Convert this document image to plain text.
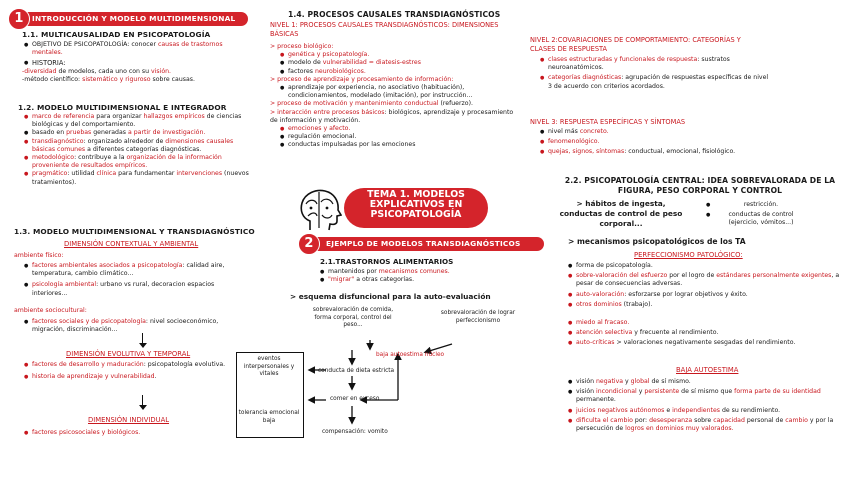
1	INTRODUCCIÓN Y MODELO MULTIDIMENSIONAL
1.1. MULTICAUSALIDAD EN PSICOPATOLOGÍA
● OBJETIVO DE PSICOPATOLOGÍA: conocer causas de trastornos mentales.
● HISTORIA:
-diversidad de modelos, cada uno con su visión.
-método científico: sistemático y riguroso sobre causas.
1.2. MODELO MULTIDIMENSIONAL E INTEGRADOR
● marco de referencia para organizar hallazgos empíricos de ciencias biológicas y del comportamiento.
● basado en pruebas generadas a partir de investigación.
● transdiagnóstico: organizado alrededor de dimensiones causales básicas comunes a diferentes categorías diagnósticas.
● metodológico: contribuye a la organización de la información proveniente de resultados empíricos.
● pragmático: utilidad clínica para fundamentar intervenciones (nuevos tratamientos).
1.3. MODELO MULTIDIMENSIONAL Y TRANSDIAGNÓSTICO
DIMENSIÓN CONTEXTUAL Y AMBIENTAL
ambiente físico:
● factores ambientales asociados a psicopatología: calidad aire, temperatura, cambio climático...
● psicología ambiental: urbano vs rural, decoracion espacios interiores...
ambiente sociocultural:
● factores sociales y de psicopatología: nivel socioeconómico, migración, discriminación...
DIMENSIÓN EVOLUTIVA Y TEMPORAL
● factores de desarrollo y maduración: psicopatología evolutiva.
● historia de aprendizaje y vulnerabilidad.
DIMENSIÓN INDIVIDUAL
● factores psicosociales y biológicos.
1.4. PROCESOS CAUSALES TRANSDIAGNÓSTICOS
NIVEL 1: PROCESOS CAUSALES TRANSDIAGNÓSTICOS: DIMENSIONES BÁSICAS
> proceso biológico:
● genética y psicopatología.
● modelo de vulnerabilidad = diatesis-estres
● factores neurobiológicos.
> proceso de aprendizaje y procesamiento de información:
● aprendizaje por experiencia, no asociativo (habituación), condicionamientos, modelado (imitación), por instrucción...
> proceso de motivación y mantenimiento conductual (refuerzo).
> interacción entre procesos básicos: biológicos, aprendizaje y procesamiento de información y motivación.
● emociones y afecto.
● regulación emocional.
● conductas impulsadas por las emociones
TEMA 1. MODELOS EXPLICATIVOS EN PSICOPATOLOGÍA
2	EJEMPLO DE MODELOS TRANSDIAGNÓSTICOS
2.1.TRASTORNOS ALIMENTARIOS
● mantenidos por mecanismos comunes.
● "migrar" a otras categorías.
> esquema disfuncional para la auto-evaluación
sobrevaloración de comida, forma corporal, control del peso...
sobrevaloración de lograr perfeccionismo
baja autoestima núcleo
conducta de dieta estricta
comer en exceso
compensación: vomito
eventos interpersonales y vitales
tolerancia emocional baja
NIVEL 2:COVARIACIONES DE COMPORTAMIENTO: CATEGORÍAS Y CLASES DE RESPUESTA
● clases estructuradas y funcionales de respuesta: sustratos neuroanatómicos.
● categorías diagnósticas: agrupación de respuestas específicas de nivel 3 de acuerdo con criterios acordados.
NIVEL 3: RESPUESTA ESPECÍFICAS Y SÍNTOMAS
● nivel más concreto.
● fenomenológico.
● quejas, signos, síntomas: conductual, emocional, fisiológico.
2.2. PSICOPATOLOGÍA CENTRAL: IDEA SOBREVALORADA DE LA FIGURA, PESO CORPORAL Y CONTROL
> hábitos de ingesta, conductas de control de peso corporal...
● restricción.
● conductas de control (ejercicio, vómitos...)
> mecanismos psicopatológicos de los TA
PERFECCIONISMO PATOLÓGICO:
● forma de psicopatología.
● sobre-valoración del esfuerzo por el logro de estándares personalmente exigentes, a pesar de consecuencias adversas.
● auto-valoración: esforzarse por lograr objetivos y éxito.
● otros dominios (trabajo).
● miedo al fracaso.
● atención selectiva y frecuente al rendimiento.
● auto-críticas > valoraciones negativamente sesgadas del rendimiento.
BAJA AUTOESTIMA
● visión negativa y global de sí mismo.
● visión incondicional y persistente de sí mismo que forma parte de su identidad permanente.
● juicios negativos autónomos e independientes de su rendimiento.
● dificulta el cambio por: desesperanza sobre capacidad personal de cambio y por la persecución de logros en dominios muy valorados.
